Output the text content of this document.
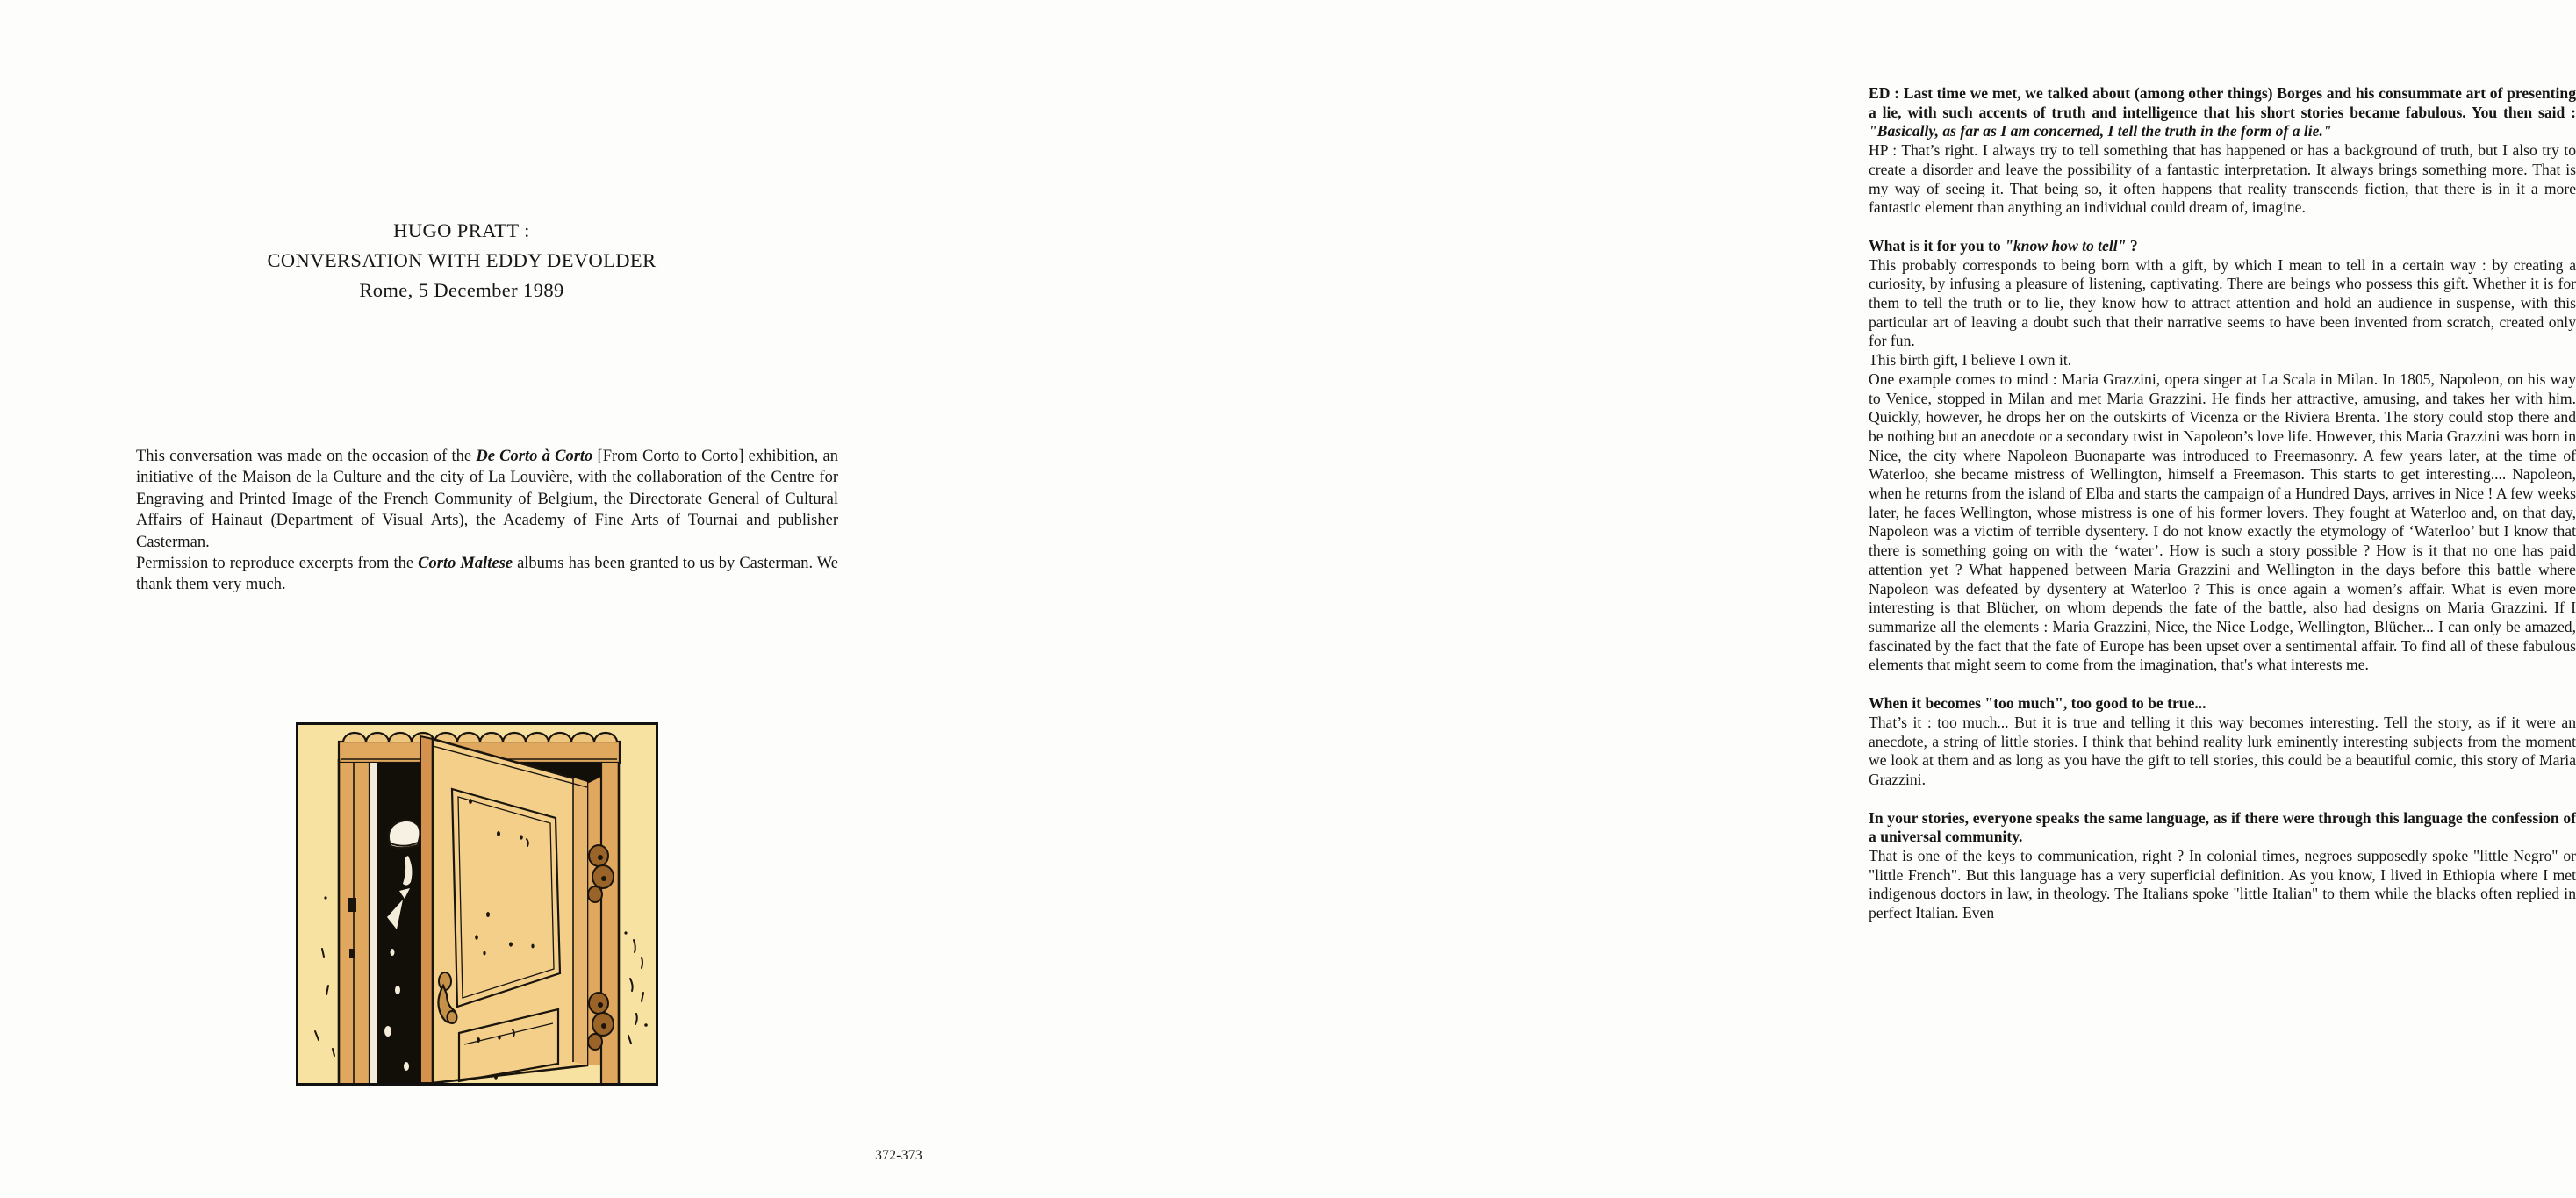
HUGO PRATT :
CONVERSATION WITH EDDY DEVOLDER
Rome, 5 December 1989

This conversation was made on the occasion of the De Corto à Corto [From Corto to Corto] exhibition, an initiative of the Maison de la Culture and the city of La Louvière, with the collaboration of the Centre for Engraving and Printed Image of the French Community of Belgium, the Directorate General of Cultural Affairs of Hainaut (Department of Visual Arts), the Academy of Fine Arts of Tournai and publisher Casterman.

Permission to reproduce excerpts from the Corto Maltese albums has been granted to us by Casterman. We thank them very much.

ED : Last time we met, we talked about (among other things) Borges and his consummate art of presenting a lie, with such accents of truth and intelligence that his short stories became fabulous. You then said : "Basically, as far as I am concerned, I tell the truth in the form of a lie."

HP : That’s right. I always try to tell something that has happened or has a background of truth, but I also try to create a disorder and leave the possibility of a fantastic interpretation. It always brings something more. That is my way of seeing it. That being so, it often happens that reality transcends fiction, that there is in it a more fantastic element than anything an individual could dream of, imagine.

What is it for you to "know how to tell" ?

This probably corresponds to being born with a gift, by which I mean to tell in a certain way : by creating a curiosity, by infusing a pleasure of listening, captivating. There are beings who possess this gift. Whether it is for them to tell the truth or to lie, they know how to attract attention and hold an audience in suspense, with this particular art of leaving a doubt such that their narrative seems to have been invented from scratch, created only for fun.

This birth gift, I believe I own it.

One example comes to mind : Maria Grazzini, opera singer at La Scala in Milan. In 1805, Napoleon, on his way to Venice, stopped in Milan and met Maria Grazzini. He finds her attractive, amusing, and takes her with him. Quickly, however, he drops her on the outskirts of Vicenza or the Riviera Brenta. The story could stop there and be nothing but an anecdote or a secondary twist in Napoleon’s love life. However, this Maria Grazzini was born in Nice, the city where Napoleon Buonaparte was introduced to Freemasonry. A few years later, at the time of Waterloo, she became mistress of Wellington, himself a Freemason. This starts to get interesting.... Napoleon, when he returns from the island of Elba and starts the campaign of a Hundred Days, arrives in Nice ! A few weeks later, he faces Wellington, whose mistress is one of his former lovers. They fought at Waterloo and, on that day, Napoleon was a victim of terrible dysentery. I do not know exactly the etymology of ‘Waterloo’ but I know that there is something going on with the ‘water’. How is such a story possible ? How is it that no one has paid attention yet ? What happened between Maria Grazzini and Wellington in the days before this battle where Napoleon was defeated by dysentery at Waterloo ? This is once again a women’s affair. What is even more interesting is that Blücher, on whom depends the fate of the battle, also had designs on Maria Grazzini. If I summarize all the elements : Maria Grazzini, Nice, the Nice Lodge, Wellington, Blücher... I can only be amazed, fascinated by the fact that the fate of Europe has been upset over a sentimental affair. To find all of these fabulous elements that might seem to come from the imagination, that's what interests me.

When it becomes "too much", too good to be true...

That’s it : too much... But it is true and telling it this way becomes interesting. Tell the story, as if it were an anecdote, a string of little stories. I think that behind reality lurk eminently interesting subjects from the moment we look at them and as long as you have the gift to tell stories, this could be a beautiful comic, this story of Maria Grazzini.

In your stories, everyone speaks the same language, as if there were through this language the confession of a universal community.

That is one of the keys to communication, right ? In colonial times, negroes supposedly spoke "little Negro" or "little French". But this language has a very superficial definition. As you know, I lived in Ethiopia where I met indigenous doctors in law, in theology. The Italians spoke "little Italian" to them while the blacks often replied in perfect Italian. Even

372-373
